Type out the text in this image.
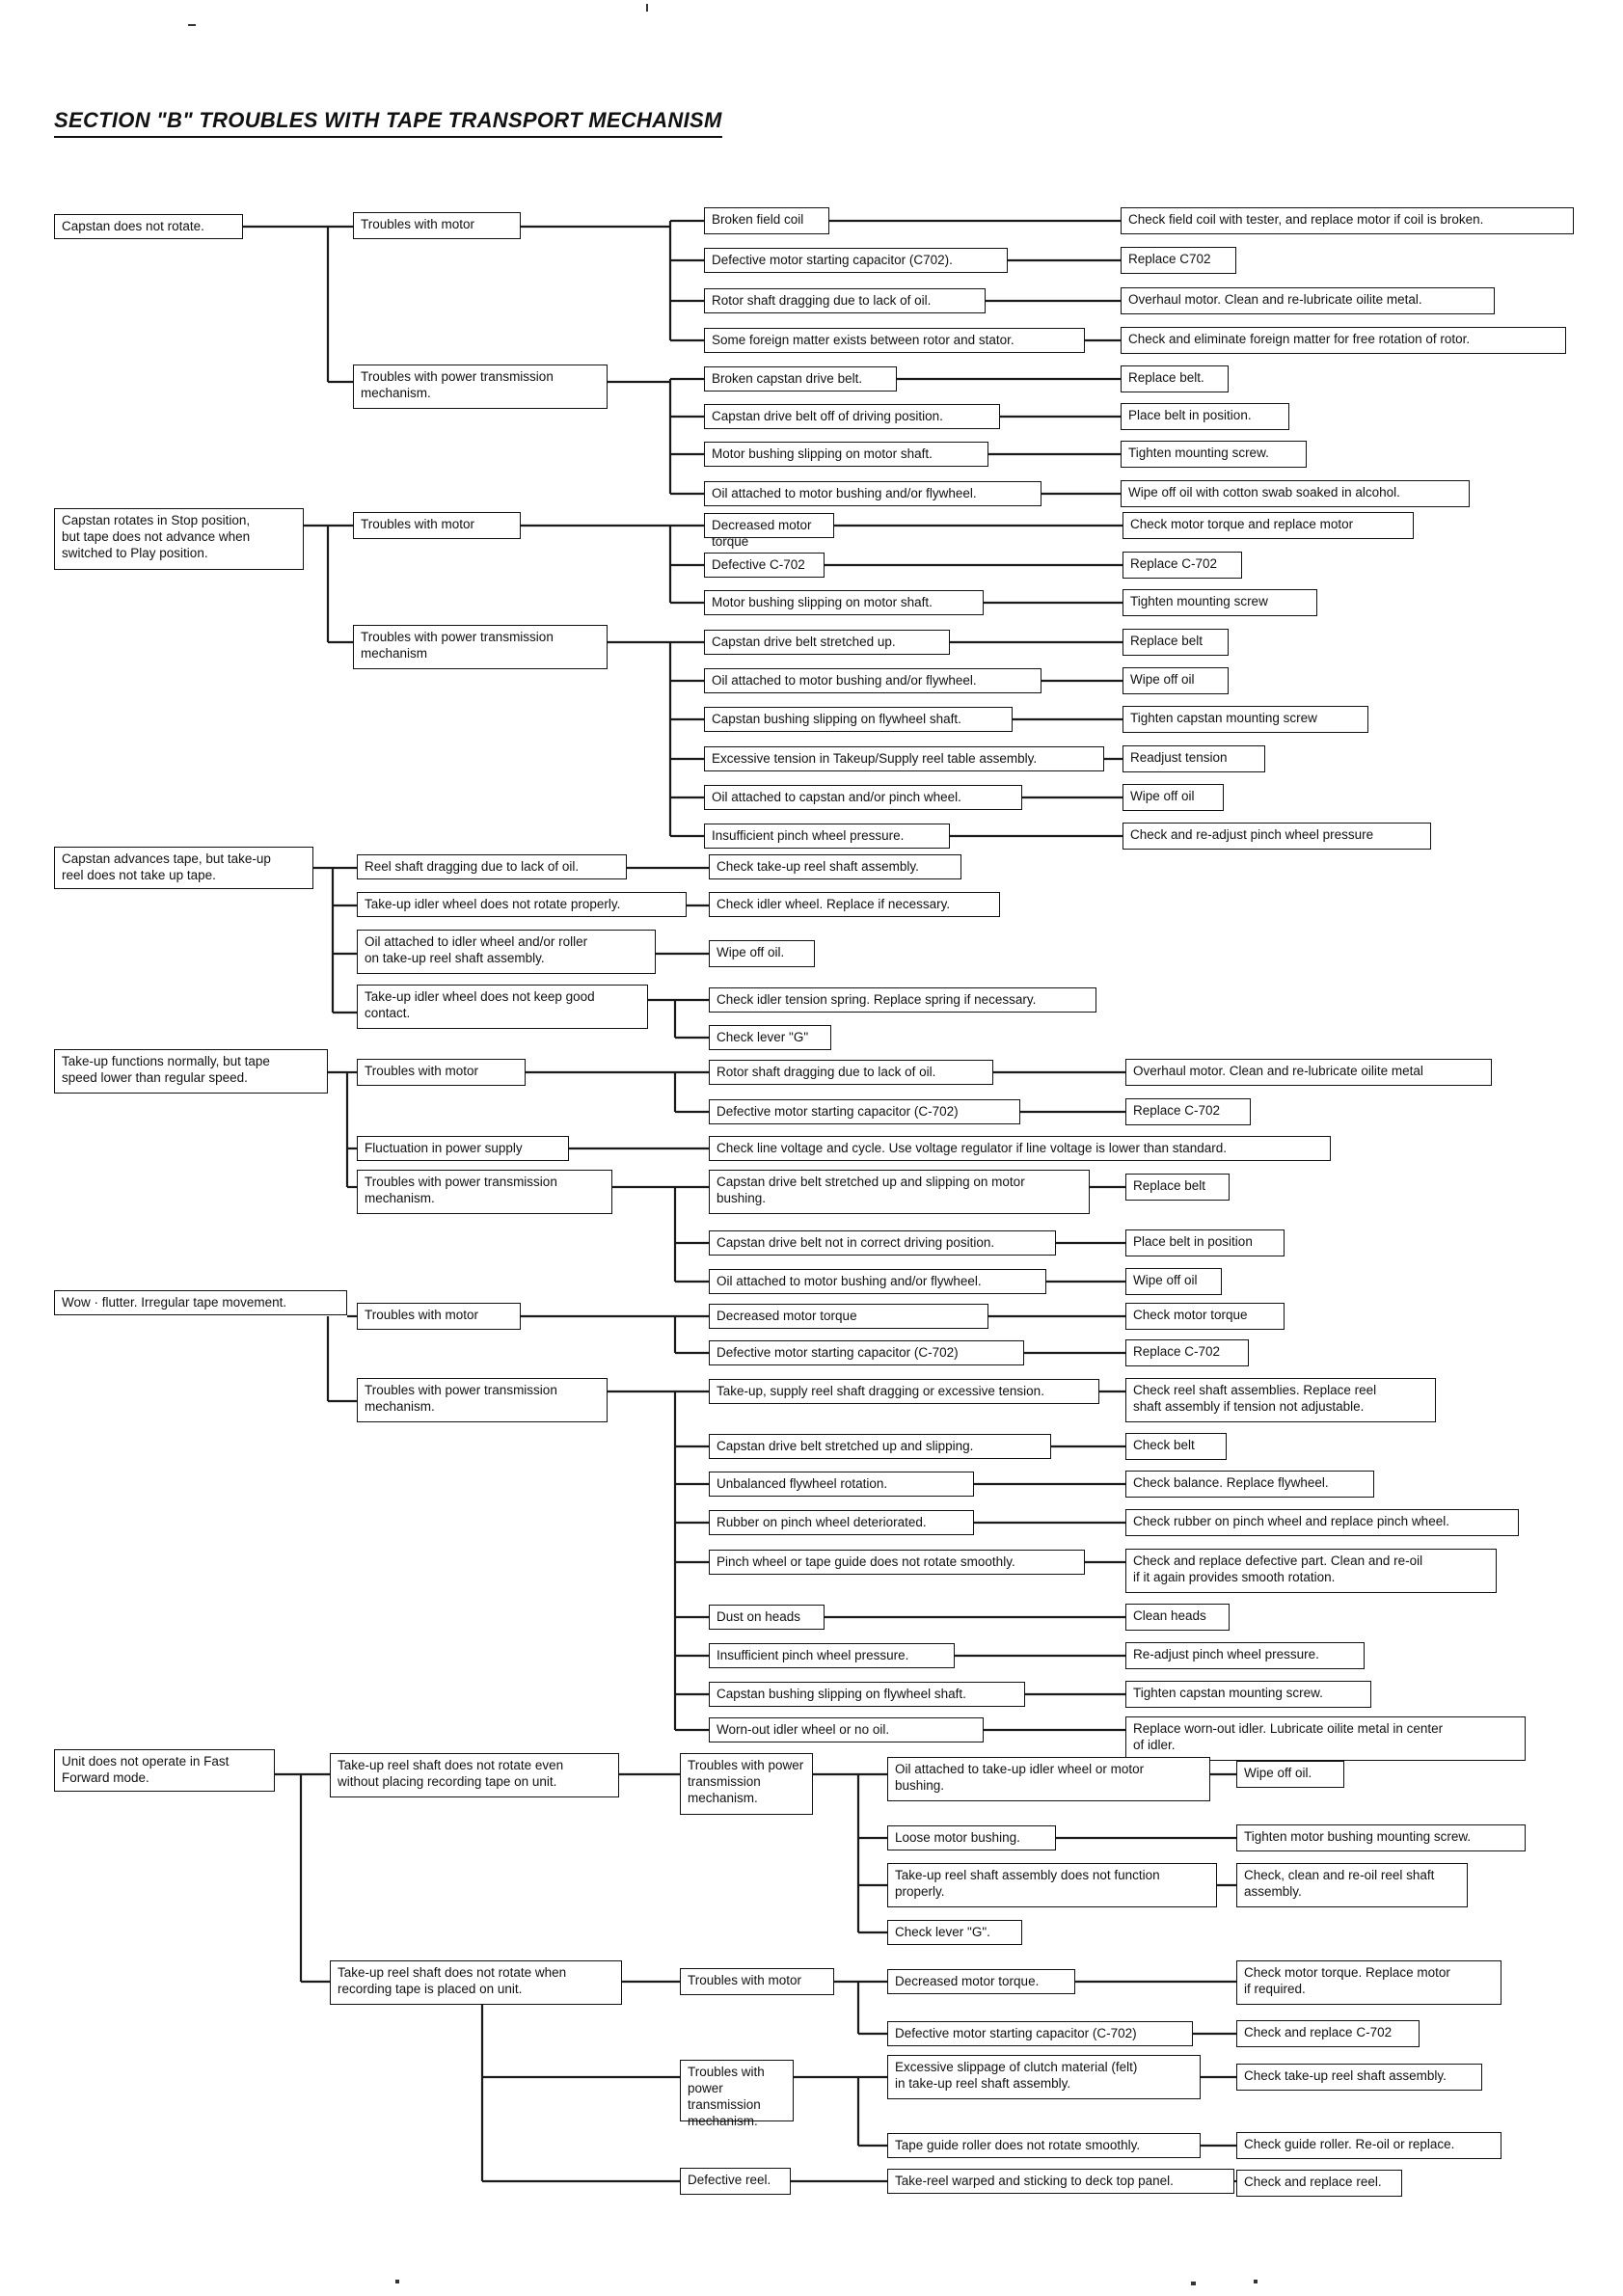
SECTION "B" TROUBLES WITH TAPE TRANSPORT MECHANISM
Capstan does not rotate.
Capstan rotates in Stop position,
but tape does not advance when
switched to Play position.
Capstan advances tape, but take-up
reel does not take up tape.
Take-up functions normally, but tape
speed lower than regular speed.
Wow · flutter. Irregular tape movement.
Unit does not operate in Fast
Forward mode.
Troubles with motor
Troubles with power transmission
mechanism.
Troubles with motor
Troubles with power transmission
mechanism
Reel shaft dragging due to lack of oil.
Take-up idler wheel does not rotate properly.
Oil attached to idler wheel and/or roller
on take-up reel shaft assembly.
Take-up idler wheel does not keep good
contact.
Troubles with motor
Fluctuation in power supply
Troubles with power transmission
mechanism.
Troubles with motor
Troubles with power transmission
mechanism.
Take-up reel shaft does not rotate even
without placing recording tape on unit.
Take-up reel shaft does not rotate when
recording tape is placed on unit.
Troubles with power
transmission
mechanism.
Troubles with motor
Troubles with power
transmission
mechanism.
Defective reel.
Broken field coil
Defective motor starting capacitor (C702).
Rotor shaft dragging due to lack of oil.
Some foreign matter exists between rotor and stator.
Broken capstan drive belt.
Capstan drive belt off of driving position.
Motor bushing slipping on motor shaft.
Oil attached to motor bushing and/or flywheel.
Decreased motor torque
Defective C-702
Motor bushing slipping on motor shaft.
Capstan drive belt stretched up.
Oil attached to motor bushing and/or flywheel.
Capstan bushing slipping on flywheel shaft.
Excessive tension in Takeup/Supply reel table assembly.
Oil attached to capstan and/or pinch wheel.
Insufficient pinch wheel pressure.
Check take-up reel shaft assembly.
Check idler wheel. Replace if necessary.
Wipe off oil.
Check idler tension spring. Replace spring if necessary.
Check lever "G"
Rotor shaft dragging due to lack of oil.
Defective motor starting capacitor (C-702)
Check line voltage and cycle. Use voltage regulator if line voltage is lower than standard.
Capstan drive belt stretched up and slipping on motor
bushing.
Capstan drive belt not in correct driving position.
Oil attached to motor bushing and/or flywheel.
Decreased motor torque
Defective motor starting capacitor (C-702)
Take-up, supply reel shaft dragging or excessive tension.
Capstan drive belt stretched up and slipping.
Unbalanced flywheel rotation.
Rubber on pinch wheel deteriorated.
Pinch wheel or tape guide does not rotate smoothly.
Dust on heads
Insufficient pinch wheel pressure.
Capstan bushing slipping on flywheel shaft.
Worn-out idler wheel or no oil.
Check field coil with tester, and replace motor if coil is broken.
Replace C702
Overhaul motor. Clean and re-lubricate oilite metal.
Check and eliminate foreign matter for free rotation of rotor.
Replace belt.
Place belt in position.
Tighten mounting screw.
Wipe off oil with cotton swab soaked in alcohol.
Check motor torque and replace motor
Replace C-702
Tighten mounting screw
Replace belt
Wipe off oil
Tighten capstan mounting screw
Readjust tension
Wipe off oil
Check and re-adjust pinch wheel pressure
Overhaul motor. Clean and re-lubricate oilite metal
Replace C-702
Replace belt
Place belt in position
Wipe off oil
Check motor torque
Replace C-702
Check reel shaft assemblies. Replace reel
shaft assembly if tension not adjustable.
Check belt
Check balance. Replace flywheel.
Check rubber on pinch wheel and replace pinch wheel.
Check and replace defective part. Clean and re-oil
if it again provides smooth rotation.
Clean heads
Re-adjust pinch wheel pressure.
Tighten capstan mounting screw.
Replace worn-out idler. Lubricate oilite metal in center
of idler.
Oil attached to take-up idler wheel or motor
bushing.
Loose motor bushing.
Take-up reel shaft assembly does not function
properly.
Check lever "G".
Decreased motor torque.
Defective motor starting capacitor (C-702)
Excessive slippage of clutch material (felt)
in take-up reel shaft assembly.
Tape guide roller does not rotate smoothly.
Take-reel warped and sticking to deck top panel.
Wipe off oil.
Tighten motor bushing mounting screw.
Check, clean and re-oil reel shaft
assembly.
Check motor torque. Replace motor
if required.
Check and replace C-702
Check take-up reel shaft assembly.
Check guide roller. Re-oil or replace.
Check and replace reel.
